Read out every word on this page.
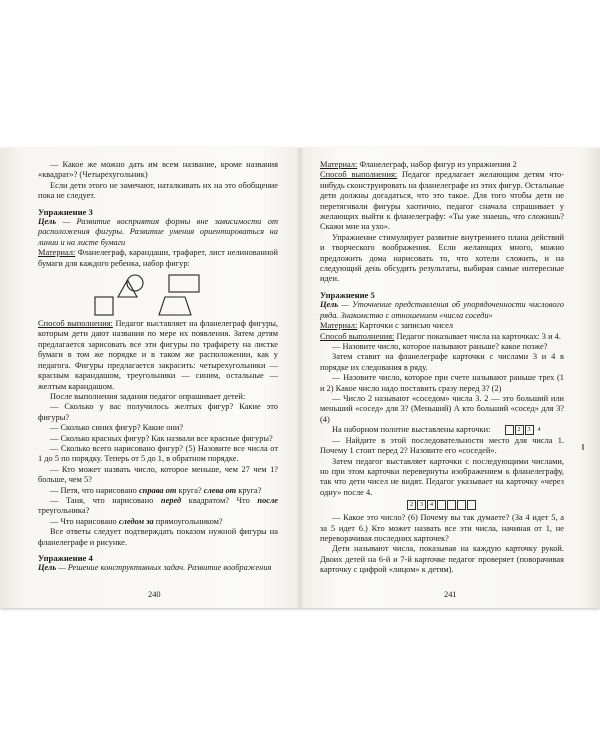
— Какое же можно дать им всем название, кроме названия «квадрат»? (Четырехугольник)

Если дети этого не замечают, наталкивать их на это обобщение пока не следует.

Упражнение 3

Цель — Развитие восприятия формы вне зависимости от расположения фигуры. Развитие умения ориентироваться на линии и на листе бумаги

Материал: Фланелеграф, карандаши, трафарет, лист нелинованной бумаги для каждого ребенка, набор фигур:

Способ выполнения: Педагог выставляет на фланелеграф фигуры, которым дети дают названия по мере их появления. Затем детям предлагается зарисовать все эти фигуры по трафарету на листке бумаги в том же порядке и в таком же расположении, как у педагога. Фигуры предлагается закрасить: четырехугольники — красным карандашом, треугольники — синим, остальные — желтым карандашом.

После выполнения задания педагог опрашивает детей:

— Сколько у вас получилось желтых фигур? Какие это фигуры?

— Сколько синих фигур? Какие они?

— Сколько красных фигур? Как назвали все красные фигуры?

— Сколько всего нарисовано фигур? (5) Назовите все числа от 1 до 5 по порядку. Теперь от 5 до 1, в обратном порядке.

— Кто может назвать число, которое меньше, чем 27 чем 1? больше, чем 5?

— Петя, что нарисовано справа от круга? слева от круга?

— Таня, что нарисовано перед квадратом? Что после треугольника?

— Что нарисовано следом за прямоугольником?

Все ответы следует подтверждать показом нужной фигуры на фланелеграфе и рисунке.

Упражнение 4

Цель — Решение конструктивных задач. Развитие воображения

Материал: Фланелеграф, набор фигур из упражнения 2

Способ выполнения: Педагог предлагает желающим детям что-нибудь сконструировать на фланелеграфе из этих фигур. Остальные дети должны догадаться, что это такое. Для того чтобы дети не перетягивали фигуры хаотично, педагог сначала спрашивает у желающих выйти к фланелеграфу: «Ты уже знаешь, что сложишь? Скажи мне на ухо».

Упражнение стимулирует развитие внутреннего плана действий и творческого воображения. Если желающих много, можно предложить дома нарисовать то, что хотели сложить, и на следующий день обсудить результаты, выбирая самые интересные идеи.

Упражнение 5

Цель — Уточнение представления об упорядоченности числового ряда. Знакомство с отношением «числа соседи»

Материал: Карточки с записью чисел

Способ выполнения: Педагог показывает числа на карточках: 3 и 4.

— Назовите число, которое называют раньше? какое позже?

Затем ставит на фланелеграфе карточки с числами 3 и 4 в порядке их следования в ряду.

— Назовите число, которое при счете называют раньше трех (1 и 2) Какое число надо поставить сразу перед 3? (2)

— Число 2 называют «соседом» числа 3. 2 — это больший или меньший «сосед» для 3? (Меньший) А кто больший «сосед» для 3? (4)

На наборном полотне выставлены карточки:	2 3 4

— Найдите в этой последовательности место для числа 1. Почему 1 стоит перед 2? Назовите его «соседей».

Затем педагог выставляет карточки с последующими числами, но при этом карточки перевернуты изображением к фланелеграфу, так что дети чисел не видят. Педагог указывает на карточку «через одну» после 4.

2 3 4

— Какое это число? (6) Почему вы так думаете? (За 4 идет 5, а за 5 идет 6.) Кто может назвать все эти числа, начиная от 1, не переворачивая последних карточек?

Дети называют числа, показывая на каждую карточку рукой. Двоих детей на 6-й и 7-й карточке педагог проверяет (поворачивая карточку с цифрой «лицом» к детям).

240	241
